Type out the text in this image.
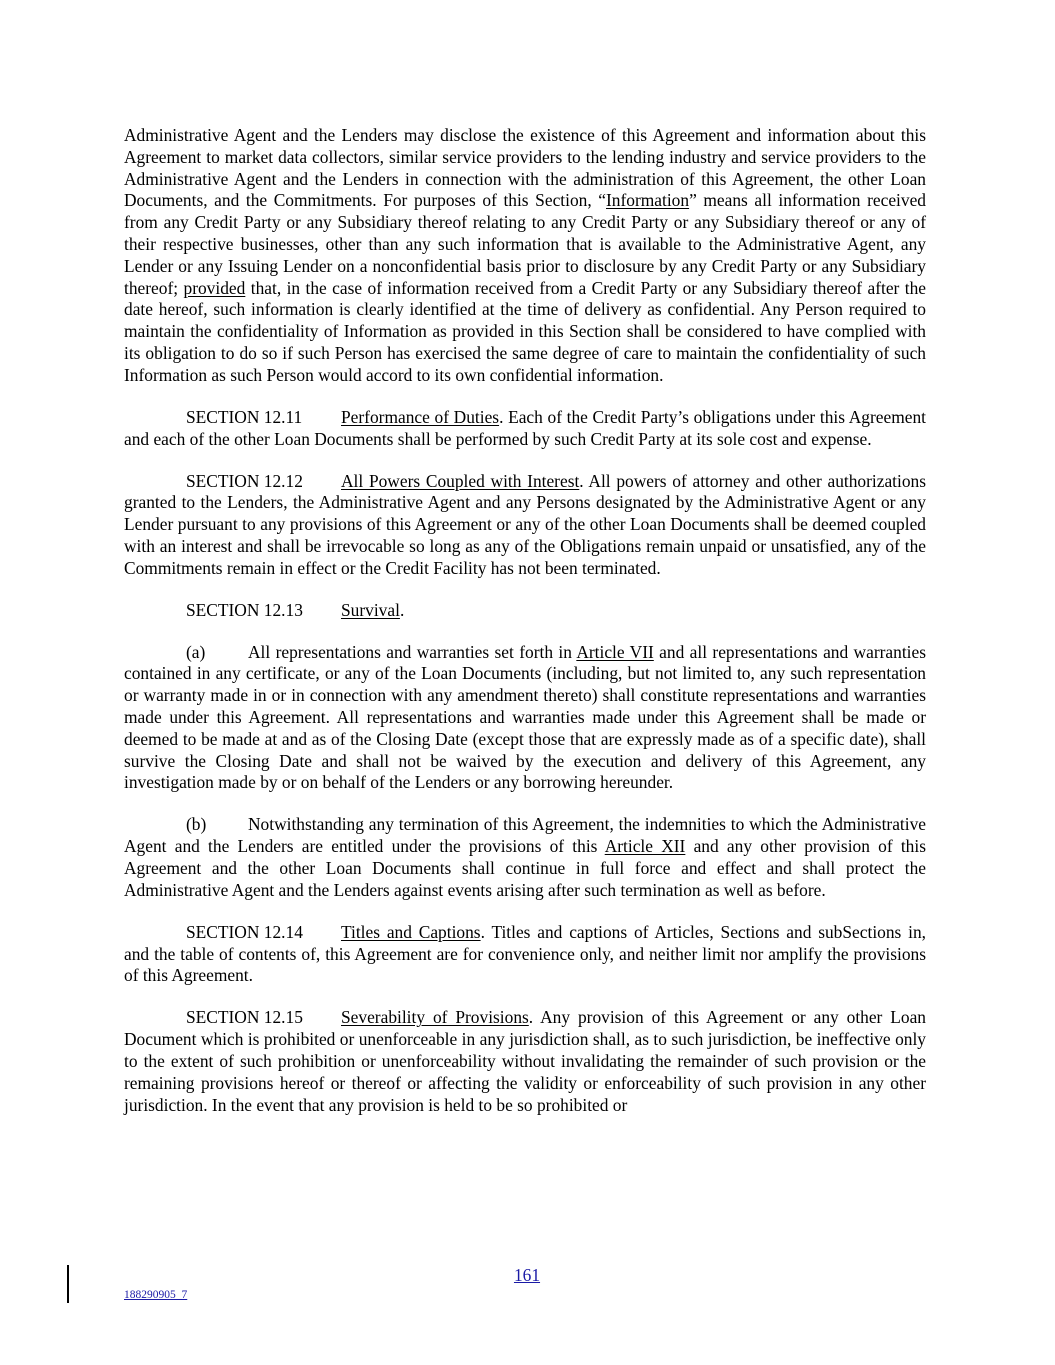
Administrative Agent and the Lenders may disclose the existence of this Agreement and information about this Agreement to market data collectors, similar service providers to the lending industry and service providers to the Administrative Agent and the Lenders in connection with the administration of this Agreement, the other Loan Documents, and the Commitments. For purposes of this Section, “Information” means all information received from any Credit Party or any Subsidiary thereof relating to any Credit Party or any Subsidiary thereof or any of their respective businesses, other than any such information that is available to the Administrative Agent, any Lender or any Issuing Lender on a nonconfidential basis prior to disclosure by any Credit Party or any Subsidiary thereof; provided that, in the case of information received from a Credit Party or any Subsidiary thereof after the date hereof, such information is clearly identified at the time of delivery as confidential. Any Person required to maintain the confidentiality of Information as provided in this Section shall be considered to have complied with its obligation to do so if such Person has exercised the same degree of care to maintain the confidentiality of such Information as such Person would accord to its own confidential information.

SECTION 12.11 Performance of Duties. Each of the Credit Party’s obligations under this Agreement and each of the other Loan Documents shall be performed by such Credit Party at its sole cost and expense.

SECTION 12.12 All Powers Coupled with Interest. All powers of attorney and other authorizations granted to the Lenders, the Administrative Agent and any Persons designated by the Administrative Agent or any Lender pursuant to any provisions of this Agreement or any of the other Loan Documents shall be deemed coupled with an interest and shall be irrevocable so long as any of the Obligations remain unpaid or unsatisfied, any of the Commitments remain in effect or the Credit Facility has not been terminated.

SECTION 12.13 Survival.

(a) All representations and warranties set forth in Article VII and all representations and warranties contained in any certificate, or any of the Loan Documents (including, but not limited to, any such representation or warranty made in or in connection with any amendment thereto) shall constitute representations and warranties made under this Agreement. All representations and warranties made under this Agreement shall be made or deemed to be made at and as of the Closing Date (except those that are expressly made as of a specific date), shall survive the Closing Date and shall not be waived by the execution and delivery of this Agreement, any investigation made by or on behalf of the Lenders or any borrowing hereunder.

(b) Notwithstanding any termination of this Agreement, the indemnities to which the Administrative Agent and the Lenders are entitled under the provisions of this Article XII and any other provision of this Agreement and the other Loan Documents shall continue in full force and effect and shall protect the Administrative Agent and the Lenders against events arising after such termination as well as before.

SECTION 12.14 Titles and Captions. Titles and captions of Articles, Sections and subSections in, and the table of contents of, this Agreement are for convenience only, and neither limit nor amplify the provisions of this Agreement.

SECTION 12.15 Severability of Provisions. Any provision of this Agreement or any other Loan Document which is prohibited or unenforceable in any jurisdiction shall, as to such jurisdiction, be ineffective only to the extent of such prohibition or unenforceability without invalidating the remainder of such provision or the remaining provisions hereof or thereof or affecting the validity or enforceability of such provision in any other jurisdiction. In the event that any provision is held to be so prohibited or

161
188290905_7
